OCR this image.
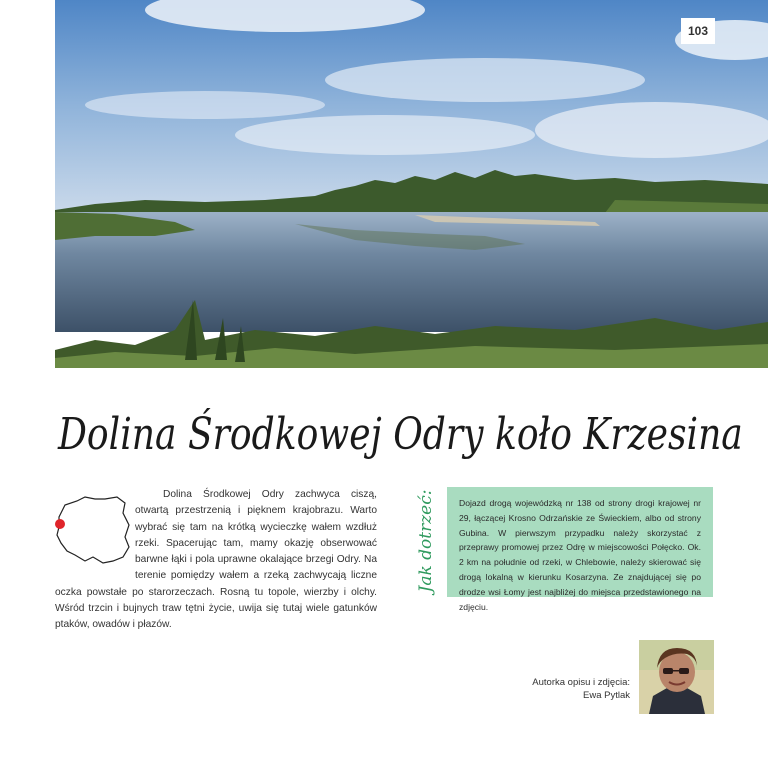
103
Dolina Środkowej Odry koło Krzesina

Dolina Środkowej Odry zachwyca ciszą, otwartą przestrzenią i pięknem krajobrazu. Warto wybrać się tam na krótką wycieczkę wałem wzdłuż rzeki. Spacerując tam, mamy okazję obserwować barwne łąki i pola uprawne okalające brzegi Odry. Na terenie pomiędzy wałem a rzeką zachwycają liczne oczka powstałe po starorzeczach. Rosną tu topole, wierzby i olchy. Wśród trzcin i bujnych traw tętni życie, uwija się tutaj wiele gatunków ptaków, owadów i płazów.

Jak dotrzeć:	Dojazd drogą wojewódzką nr 138 od strony drogi krajowej nr 29, łączącej Krosno Odrzańskie ze Świeckiem, albo od strony Gubina. W pierwszym przypadku należy skorzystać z przeprawy promowej przez Odrę w miejscowości Połęcko. Ok. 2 km na południe od rzeki, w Chlebowie, należy skierować się drogą lokalną w kierunku Kosarzyna. Ze znajdującej się po drodze wsi Łomy jest najbliżej do miejsca przedstawionego na zdjęciu.
Autorka opisu i zdjęcia:
Ewa Pytlak
